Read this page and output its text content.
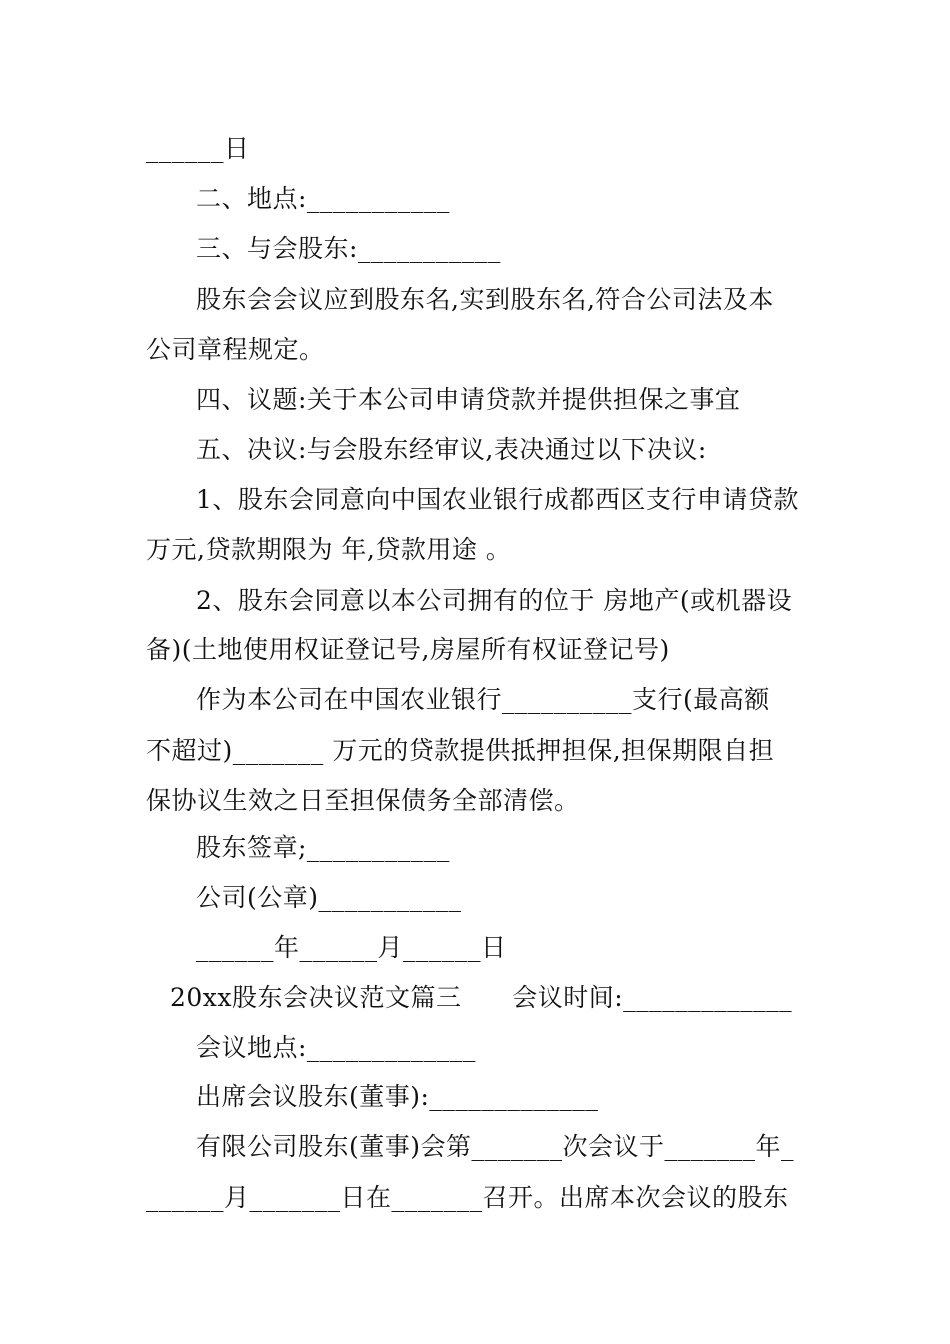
______日
二、地点:___________
三、与会股东:___________
股东会会议应到股东名,实到股东名,符合公司法及本
公司章程规定。
四、议题:关于本公司申请贷款并提供担保之事宜
五、决议:与会股东经审议,表决通过以下决议:
1、股东会同意向中国农业银行成都西区支行申请贷款
万元,贷款期限为 年,贷款用途 。
2、股东会同意以本公司拥有的位于 房地产(或机器设
备)(土地使用权证登记号,房屋所有权证登记号)
作为本公司在中国农业银行__________支行(最高额
不超过)_______ 万元的贷款提供抵押担保,担保期限自担
保协议生效之日至担保债务全部清偿。
股东签章;___________
公司(公章)___________
______年______月______日
20xx股东会决议范文篇三      会议时间:_____________
会议地点:_____________
出席会议股东(董事):_____________
有限公司股东(董事)会第_______次会议于_______年_
______月_______日在_______召开。出席本次会议的股东
